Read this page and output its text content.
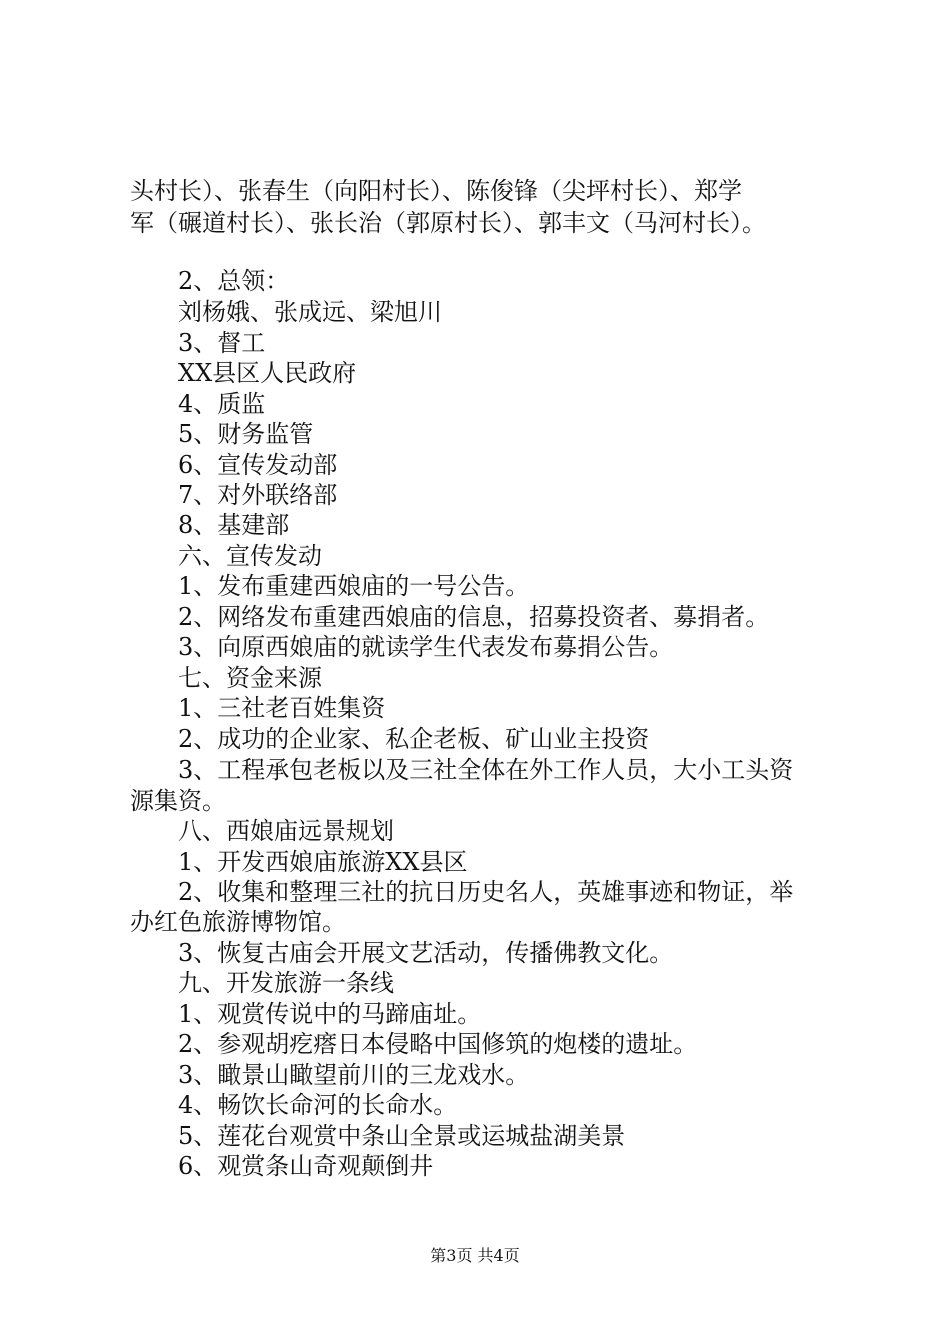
头村长）、张春生（向阳村长）、陈俊锋（尖坪村长）、郑学
军（碾道村长）、张长治（郭原村长）、郭丰文（马河村长）。
2、总领：
刘杨娥、张成远、梁旭川
3、督工
XX县区人民政府
4、质监
5、财务监管
6、宣传发动部
7、对外联络部
8、基建部
六、宣传发动
1、发布重建西娘庙的一号公告。
2、网络发布重建西娘庙的信息，招募投资者、募捐者。
3、向原西娘庙的就读学生代表发布募捐公告。
七、资金来源
1、三社老百姓集资
2、成功的企业家、私企老板、矿山业主投资
3、工程承包老板以及三社全体在外工作人员，大小工头资
源集资。
八、西娘庙远景规划
1、开发西娘庙旅游XX县区
2、收集和整理三社的抗日历史名人，英雄事迹和物证，举
办红色旅游博物馆。
3、恢复古庙会开展文艺活动，传播佛教文化。
九、开发旅游一条线
1、观赏传说中的马蹄庙址。
2、参观胡疙瘩日本侵略中国修筑的炮楼的遗址。
3、瞰景山瞰望前川的三龙戏水。
4、畅饮长命河的长命水。
5、莲花台观赏中条山全景或运城盐湖美景
6、观赏条山奇观颠倒井
第3页 共4页
